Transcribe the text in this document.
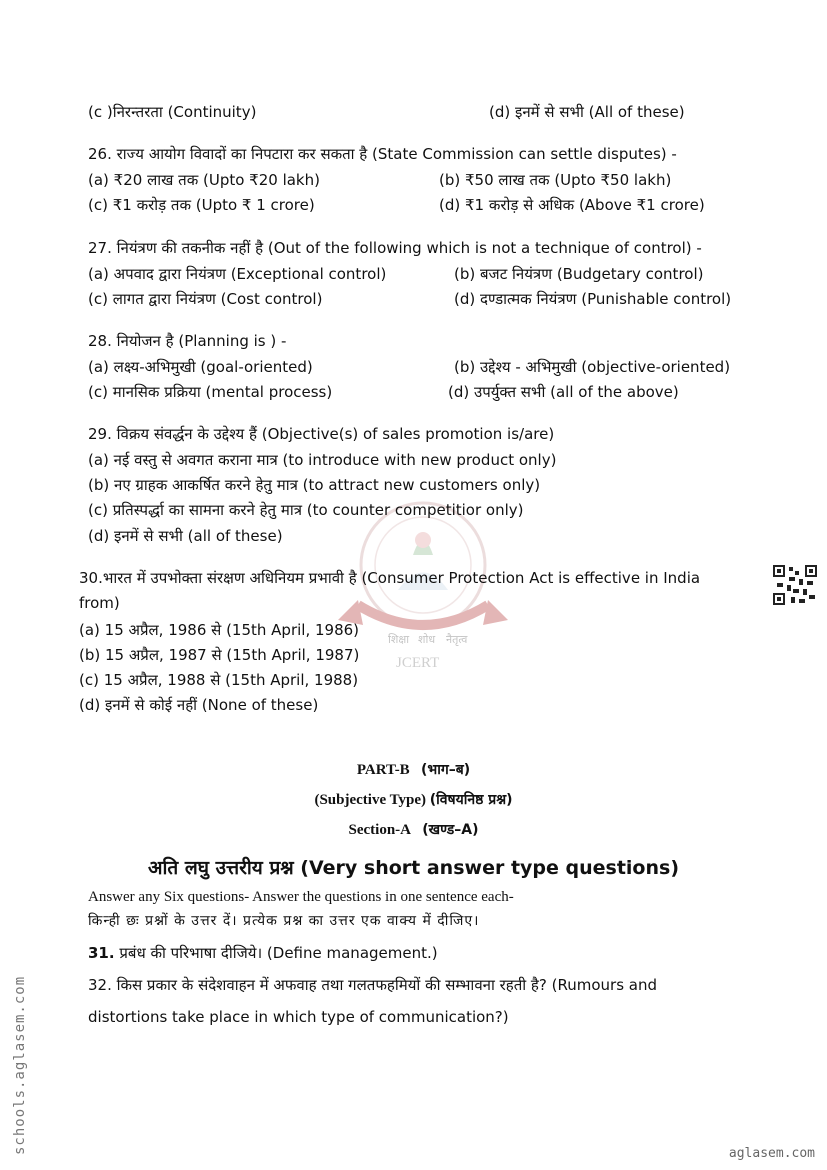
शिक्षा शोध नैतृत्व
JCERT
(c )निरन्तरता (Continuity)	(d) इनमें से सभी (All of these)
26. राज्य आयोग विवादों का निपटारा कर सकता है (State Commission can settle disputes) -
(a) ₹20 लाख तक (Upto ₹20 lakh)	(b) ₹50 लाख तक (Upto ₹50 lakh)
(c) ₹1 करोड़ तक (Upto ₹ 1 crore)	(d) ₹1 करोड़ से अधिक (Above ₹1 crore)
27. नियंत्रण की तकनीक नहीं है (Out of the following which is not a technique of control) -
(a) अपवाद द्वारा नियंत्रण (Exceptional control)	(b) बजट नियंत्रण (Budgetary control)
(c) लागत द्वारा नियंत्रण (Cost control)	(d) दण्डात्मक नियंत्रण (Punishable control)
28. नियोजन है (Planning is ) -
(a) लक्ष्य-अभिमुखी (goal-oriented)	(b) उद्देश्य - अभिमुखी (objective-oriented)
(c) मानसिक प्रक्रिया (mental process)	(d) उपर्युक्त सभी (all of the above)
29. विक्रय संवर्द्धन के उद्देश्य हैं (Objective(s) of sales promotion is/are)
(a) नई वस्तु से अवगत कराना मात्र (to introduce with new product only)
(b) नए ग्राहक आकर्षित करने हेतु मात्र (to attract new customers only)
(c) प्रतिस्पर्द्धा का सामना करने हेतु मात्र (to counter competitior only)
(d) इनमें से सभी (all of these)
30.भारत में उपभोक्ता संरक्षण अधिनियम प्रभावी है (Consumer Protection Act is effective in India
from)
(a) 15 अप्रैल, 1986 से (15th April, 1986)
(b) 15 अप्रैल, 1987 से (15th April, 1987)
(c) 15 अप्रैल, 1988 से (15th April, 1988)
(d) इनमें से कोई नहीं (None of these)
PART-B (भाग–ब)
(Subjective Type) (विषयनिष्ठ प्रश्न)
Section-A (खण्ड–A)
अति लघु उत्तरीय प्रश्न (Very short answer type questions)
Answer any Six questions- Answer the questions in one sentence each-
किन्ही छः प्रश्नों के उत्तर दें। प्रत्येक प्रश्न का उत्तर एक वाक्य में दीजिए।
31. प्रबंध की परिभाषा दीजिये। (Define management.)
32. किस प्रकार के संदेशवाहन में अफवाह तथा गलतफहमियों की सम्भावना रहती है? (Rumours and
distortions take place in which type of communication?)
schools.aglasem.com	aglasem.com
